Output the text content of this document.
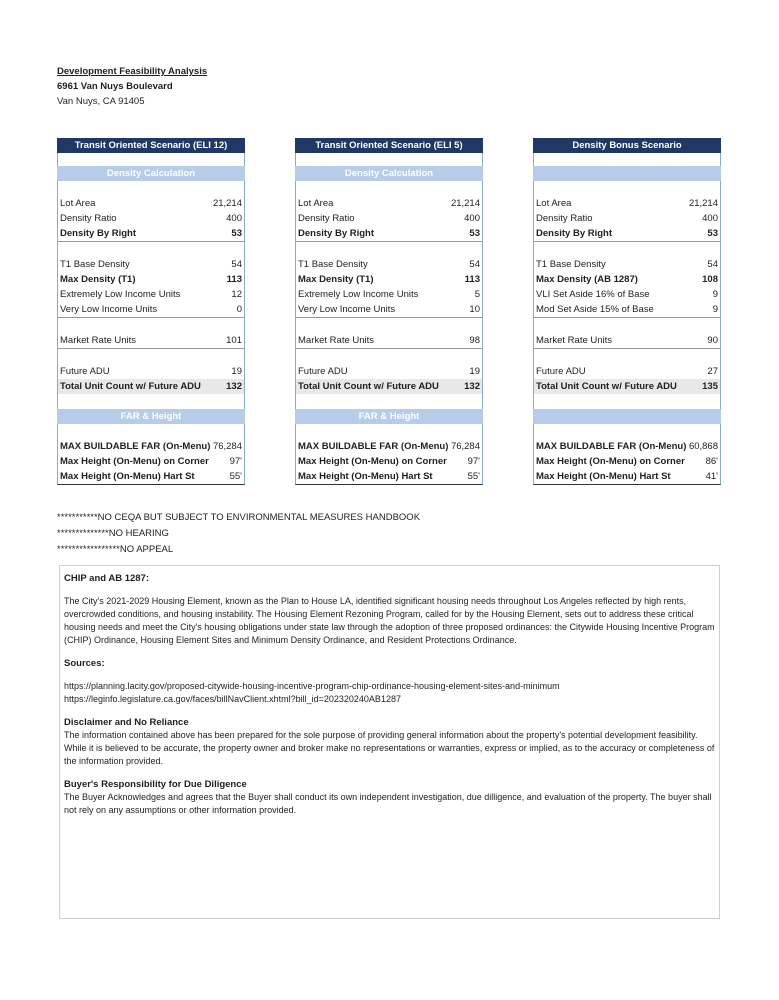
Development Feasibility Analysis
6961 Van Nuys Boulevard
Van Nuys, CA 91405
Transit Oriented Scenario (ELI 12)
Density Calculation
Lot Area	21,214
Density Ratio	400
Density By Right	53
T1 Base Density	54
Max Density (T1)	113
Extremely Low Income Units	12
Very Low Income Units	0
Market Rate Units	101
Future ADU	19
Total Unit Count w/ Future ADU	132
FAR & Height
MAX BUILDABLE FAR (On-Menu) 76,284
Max Height (On-Menu) on Corner 97'
Max Height (On-Menu) Hart St	55'
Transit Oriented Scenario (ELI 5)
Density Calculation
Lot Area	21,214
Density Ratio	400
Density By Right	53
T1 Base Density	54
Max Density (T1)	113
Extremely Low Income Units	5
Very Low Income Units	10
Market Rate Units	98
Future ADU	19
Total Unit Count w/ Future ADU	132
FAR & Height
MAX BUILDABLE FAR (On-Menu) 76,284
Max Height (On-Menu) on Corner 97'
Max Height (On-Menu) Hart St	55'
Density Bonus Scenario
Lot Area	21,214
Density Ratio	400
Density By Right	53
T1 Base Density	54
Max Density (AB 1287)	108
VLI Set Aside 16% of Base	9
Mod Set Aside 15% of Base	9
Market Rate Units	90
Future ADU	27
Total Unit Count w/ Future ADU	135
MAX BUILDABLE FAR (On-Menu) 60,868
Max Height (On-Menu) on Corner 86'
Max Height (On-Menu) Hart St	41'
***********NO CEQA BUT SUBJECT TO ENVIRONMENTAL MEASURES HANDBOOK
**************NO HEARING
*****************NO APPEAL
CHIP and AB 1287:

The City's 2021-2029 Housing Element, known as the Plan to House LA, identified significant housing needs throughout Los Angeles reflected by high rents, overcrowded conditions, and housing instability. The Housing Element Rezoning Program, called for by the Housing Element, sets out to address these critical housing needs and meet the City's housing obligations under state law through the adoption of three proposed ordinances: the Citywide Housing Incentive Program (CHIP) Ordinance, Housing Element Sites and Minimum Density Ordinance, and Resident Protections Ordinance.

Sources:

https://planning.lacity.gov/proposed-citywide-housing-incentive-program-chip-ordinance-housing-element-sites-and-minimum

https://leginfo.legislature.ca.gov/faces/billNavClient.xhtml?bill_id=202320240AB1287

Disclaimer and No Reliance

The information contained above has been prepared for the sole purpose of providing general information about the property's potential development feasibility. While it is believed to be accurate, the property owner and broker make no representations or warranties, express or implied, as to the accuracy or completeness of the information provided.

Buyer's Responsibility for Due Diligence

The Buyer Acknowledges and agrees that the Buyer shall conduct its own independent investigation, due dilligence, and evaluation of the property. The buyer shall not rely on any assumptions or other information provided.
